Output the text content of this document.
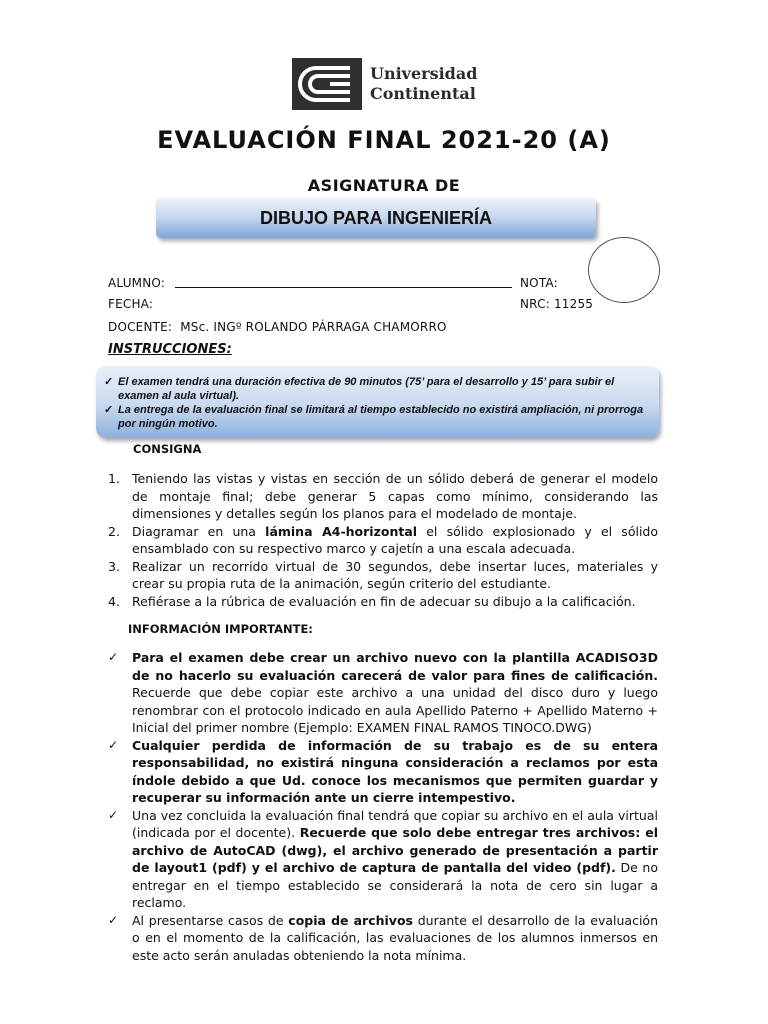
Universidad
Continental
EVALUACIÓN FINAL 2021-20 (A)
ASIGNATURA DE
DIBUJO PARA INGENIERÍA
ALUMNO:	NOTA:
FECHA:	NRC: 11255
DOCENTE:  MSc. INGº ROLANDO PÁRRAGA CHAMORRO
INSTRUCCIONES:
✓ El examen tendrá una duración efectiva de 90 minutos (75’ para el desarrollo y 15’ para subir el examen al aula virtual).
✓ La entrega de la evaluación final se limitará al tiempo establecido no existirá ampliación, ni prorroga por ningún motivo.
CONSIGNA
1. Teniendo las vistas y vistas en sección de un sólido deberá de generar el modelo de montaje final; debe generar 5 capas como mínimo, considerando las dimensiones y detalles según los planos para el modelado de montaje.
2. Diagramar en una lámina A4-horizontal el sólido explosionado y el sólido ensamblado con su respectivo marco y cajetín a una escala adecuada.
3. Realizar un recorrido virtual de 30 segundos, debe insertar luces, materiales y crear su propia ruta de la animación, según criterio del estudiante.
4. Refiérase a la rúbrica de evaluación en fin de adecuar su dibujo a la calificación.
INFORMACIÓN IMPORTANTE:
✓ Para el examen debe crear un archivo nuevo con la plantilla ACADISO3D de no hacerlo su evaluación carecerá de valor para fines de calificación. Recuerde que debe copiar este archivo a una unidad del disco duro y luego renombrar con el protocolo indicado en aula Apellido Paterno + Apellido Materno + Inicial del primer nombre (Ejemplo: EXAMEN FINAL RAMOS TINOCO.DWG)
✓ Cualquier perdida de información de su trabajo es de su entera responsabilidad, no existirá ninguna consideración a reclamos por esta índole debido a que Ud. conoce los mecanismos que permiten guardar y recuperar su información ante un cierre intempestivo.
✓ Una vez concluida la evaluación final tendrá que copiar su archivo en el aula virtual (indicada por el docente). Recuerde que solo debe entregar tres archivos: el archivo de AutoCAD (dwg), el archivo generado de presentación a partir de layout1 (pdf) y el archivo de captura de pantalla del video (pdf). De no entregar en el tiempo establecido se considerará la nota de cero sin lugar a reclamo.
✓ Al presentarse casos de copia de archivos durante el desarrollo de la evaluación o en el momento de la calificación, las evaluaciones de los alumnos inmersos en este acto serán anuladas obteniendo la nota mínima.
